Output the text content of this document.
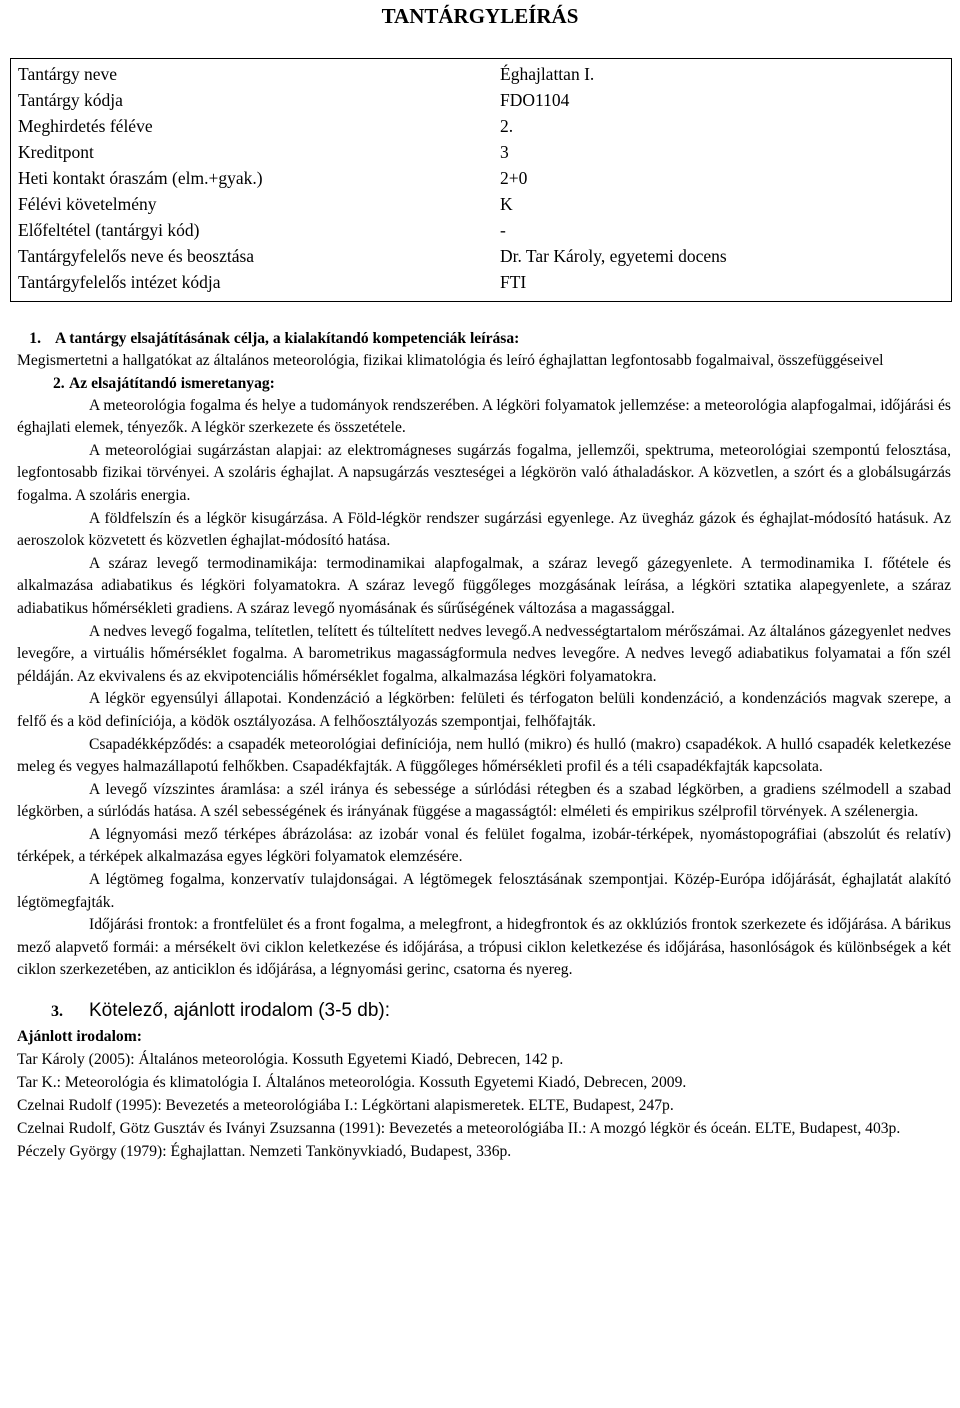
TANTÁRGYLEÍRÁS
Tantárgy neve	Éghajlattan I.
Tantárgy kódja	FDO1104
Meghirdetés féléve	2.
Kreditpont	3
Heti kontakt óraszám (elm.+gyak.)	2+0
Félévi követelmény	K
Előfeltétel (tantárgyi kód)	-
Tantárgyfelelős neve és beosztása	Dr. Tar Károly, egyetemi docens
Tantárgyfelelős intézet kódja	FTI
1. A tantárgy elsajátításának célja, a kialakítandó kompetenciák leírása:

Megismertetni a hallgatókat az általános meteorológia, fizikai klimatológia és leíró éghajlattan legfontosabb fogalmaival, összefüggéseivel

2. Az elsajátítandó ismeretanyag:

A meteorológia fogalma és helye a tudományok rendszerében. A légköri folyamatok jellemzése: a meteorológia alapfogalmai, időjárási és éghajlati elemek, tényezők. A légkör szerkezete és összetétele.

A meteorológiai sugárzástan alapjai: az elektromágneses sugárzás fogalma, jellemzői, spektruma, meteorológiai szempontú felosztása, legfontosabb fizikai törvényei. A szoláris éghajlat. A napsugárzás veszteségei a légkörön való áthaladáskor. A közvetlen, a szórt és a globálsugárzás fogalma. A szoláris energia.

A földfelszín és a légkör kisugárzása. A Föld-légkör rendszer sugárzási egyenlege. Az üvegház gázok és éghajlat-módosító hatásuk. Az aeroszolok közvetett és közvetlen éghajlat-módosító hatása.

A száraz levegő termodinamikája: termodinamikai alapfogalmak, a száraz levegő gázegyenlete. A termodinamika I. főtétele és alkalmazása adiabatikus és légköri folyamatokra. A száraz levegő függőleges mozgásának leírása, a légköri sztatika alapegyenlete, a száraz adiabatikus hőmérsékleti gradiens. A száraz levegő nyomásának és sűrűségének változása a magassággal.

A nedves levegő fogalma, telítetlen, telített és túltelített nedves levegő.A nedvességtartalom mérőszámai. Az általános gázegyenlet nedves levegőre, a virtuális hőmérséklet fogalma. A barometrikus magasságformula nedves levegőre. A nedves levegő adiabatikus folyamatai a főn szél példáján. Az ekvivalens és az ekvipotenciális hőmérséklet fogalma, alkalmazása légköri folyamatokra.

A légkör egyensúlyi állapotai. Kondenzáció a légkörben: felületi és térfogaton belüli kondenzáció, a kondenzációs magvak szerepe, a felfő és a köd definíciója, a ködök osztályozása. A felhőosztályozás szempontjai, felhőfajták.

Csapadékképződés: a csapadék meteorológiai definíciója, nem hulló (mikro) és hulló (makro) csapadékok. A hulló csapadék keletkezése meleg és vegyes halmazállapotú felhőkben. Csapadékfajták. A függőleges hőmérsékleti profil és a téli csapadékfajták kapcsolata.

A levegő vízszintes áramlása: a szél iránya és sebessége a súrlódási rétegben és a szabad légkörben, a gradiens szélmodell a szabad légkörben, a súrlódás hatása. A szél sebességének és irányának függése a magasságtól: elméleti és empirikus szélprofil törvények. A szélenergia.

A légnyomási mező térképes ábrázolása: az izobár vonal és felület fogalma, izobár-térképek, nyomástopográfiai (abszolút és relatív) térképek, a térképek alkalmazása egyes légköri folyamatok elemzésére.

A légtömeg fogalma, konzervatív tulajdonságai. A légtömegek felosztásának szempontjai. Közép-Európa időjárását, éghajlatát alakító légtömegfajták.

Időjárási frontok: a frontfelület és a front fogalma, a melegfront, a hidegfrontok és az okklúziós frontok szerkezete és időjárása. A bárikus mező alapvető formái: a mérsékelt övi ciklon keletkezése és időjárása, a trópusi ciklon keletkezése és időjárása, hasonlóságok és különbségek a két ciklon szerkezetében, az anticiklon és időjárása, a légnyomási gerinc, csatorna és nyereg.

3. Kötelező, ajánlott irodalom (3-5 db):
Ajánlott irodalom:

Tar Károly (2005): Általános meteorológia. Kossuth Egyetemi Kiadó, Debrecen, 142 p.

Tar K.: Meteorológia és klimatológia I. Általános meteorológia. Kossuth Egyetemi Kiadó, Debrecen, 2009.

Czelnai Rudolf (1995): Bevezetés a meteorológiába I.: Légkörtani alapismeretek. ELTE, Budapest, 247p.

Czelnai Rudolf, Götz Gusztáv és Iványi Zsuzsanna (1991): Bevezetés a meteorológiába II.: A mozgó légkör és óceán. ELTE, Budapest, 403p.

Péczely György (1979): Éghajlattan. Nemzeti Tankönyvkiadó, Budapest, 336p.
